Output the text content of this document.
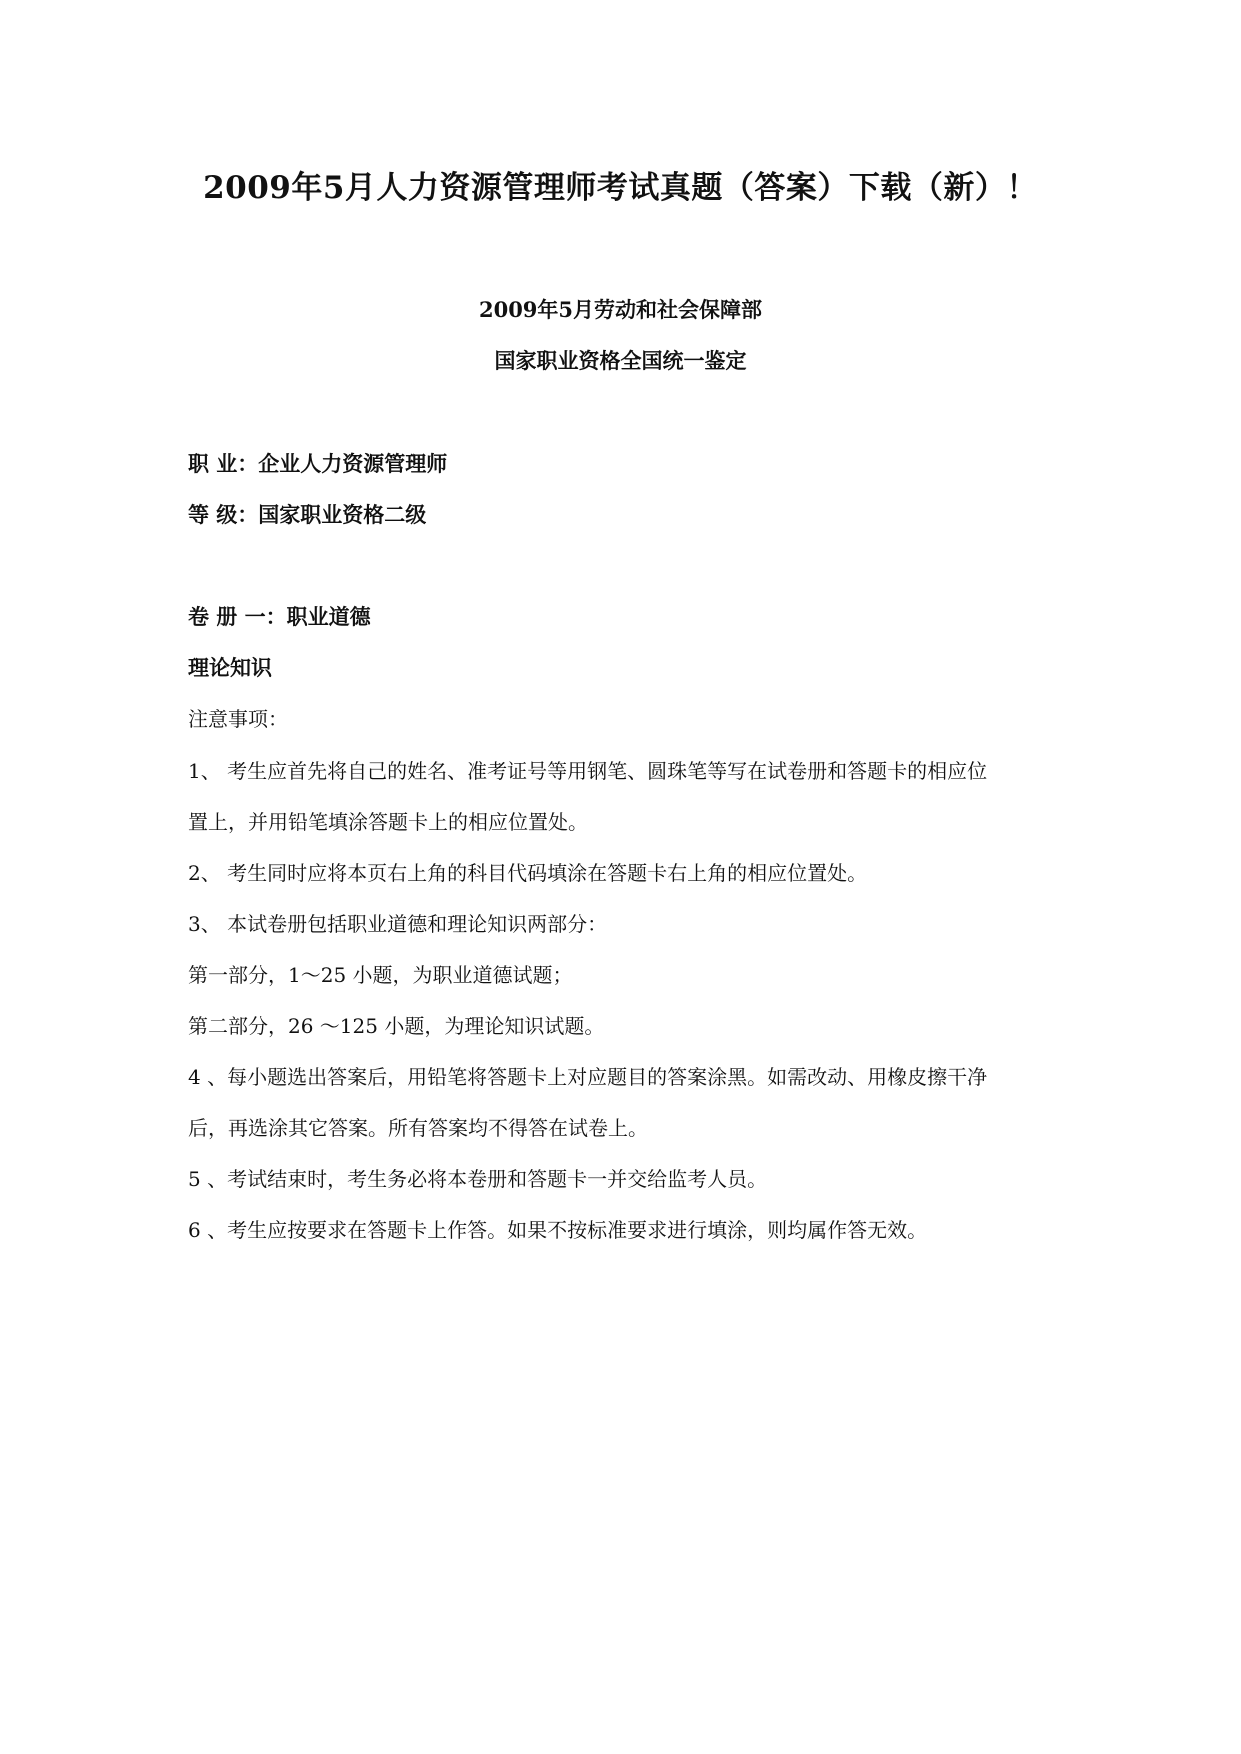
2009年5月人力资源管理师考试真题（答案）下载（新）！
2009年5月劳动和社会保障部
国家职业资格全国统一鉴定
职 业：企业人力资源管理师
等 级：国家职业资格二级
卷 册 一：职业道德
理论知识
注意事项：
1、 考生应首先将自己的姓名、准考证号等用钢笔、圆珠笔等写在试卷册和答题卡的相应位
置上，并用铅笔填涂答题卡上的相应位置处。
2、 考生同时应将本页右上角的科目代码填涂在答题卡右上角的相应位置处。
3、 本试卷册包括职业道德和理论知识两部分：
第一部分，1～25 小题，为职业道德试题；
第二部分，26 ～125 小题，为理论知识试题。
4 、每小题选出答案后，用铅笔将答题卡上对应题目的答案涂黑。如需改动、用橡皮擦干净
后，再选涂其它答案。所有答案均不得答在试卷上。
5 、考试结束时，考生务必将本卷册和答题卡一并交给监考人员。
6 、考生应按要求在答题卡上作答。如果不按标准要求进行填涂，则均属作答无效。
